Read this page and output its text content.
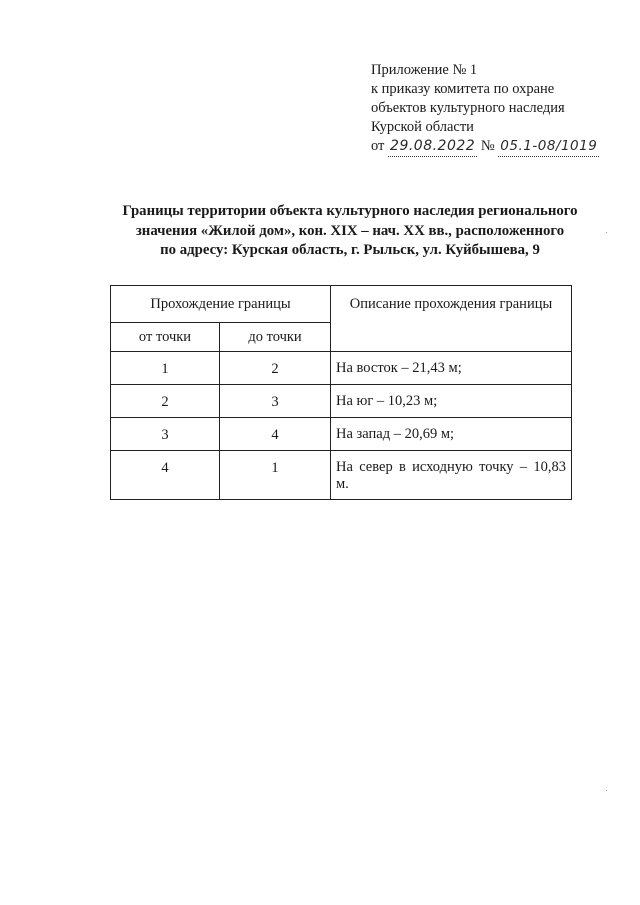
Приложение № 1
к приказу комитета по охране
объектов культурного наследия
Курской области
от 29.08.2022 № 05.1-08/1019
Границы территории объекта культурного наследия регионального
значения «Жилой дом», кон. XIX – нач. XX вв., расположенного
по адресу: Курская область, г. Рыльск, ул. Куйбышева, 9
Прохождение границы		Описание прохождения границы
от точки	до точки	
1	2	На восток – 21,43 м;
2	3	На юг – 10,23 м;
3	4	На запад – 20,69 м;
4	1	На север в исходную точку – 10,83 м.
